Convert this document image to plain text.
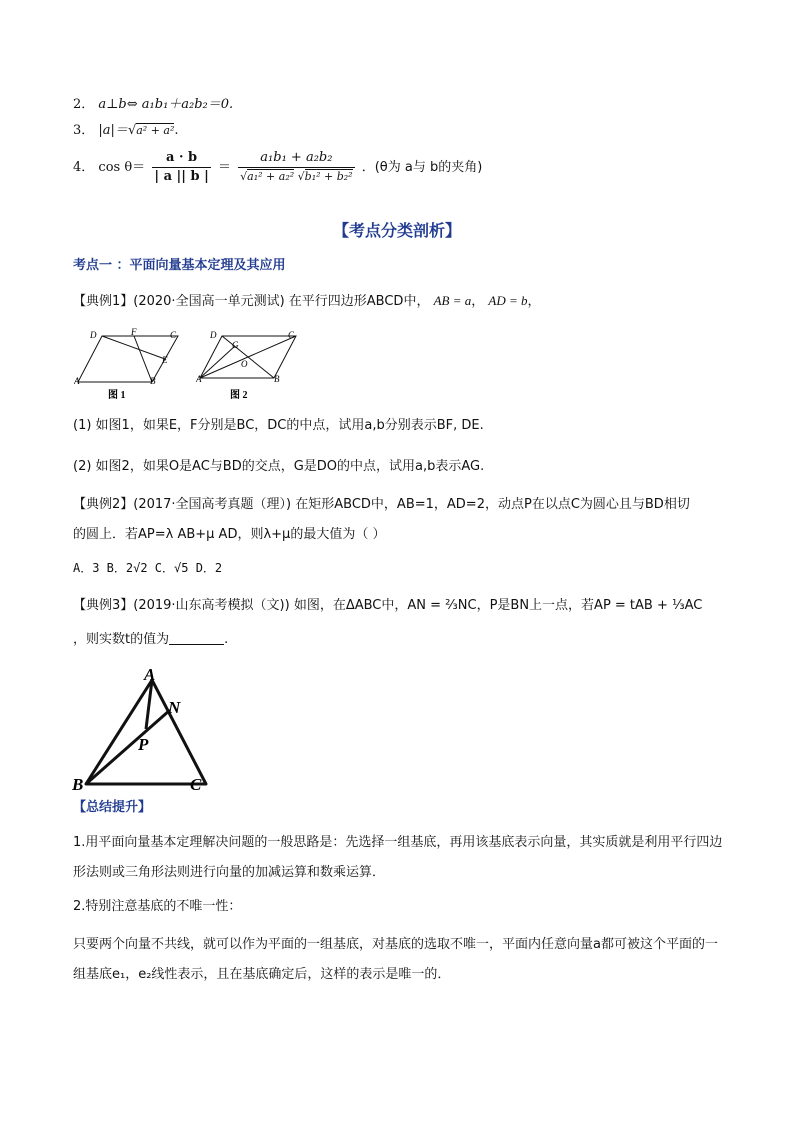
2． a⊥b⇔ a₁b₁＋a₂b₂＝0.
3． |a|＝√a² + a².
4． $\cos \theta= \frac{a \cdot b}{| a || b |} = \frac{\text{a₁b₁ + a₂b₂}}{\text{√a₁² + a₂² √b₁² + b₂²}}$ ．(θ为 a与 b的夹角)
【考点分类剖析】
考点一 ：平面向量基本定理及其应用
【典例1】(2020·全国高一单元测试) 在平行四边形ABCD中， AB = a， AD = b，
D	F	C
E
A	B
图 1
D	C
G
O
A	B
图 2
(1) 如图1，如果E，F分别是BC，DC的中点，试用a,b分别表示BF, DE.
(2) 如图2，如果O是AC与BD的交点，G是DO的中点，试用a,b表示AG.
【典例2】(2017·全国高考真题（理）) 在矩形ABCD中，AB=1，AD=2，动点P在以点C为圆心且与BD相切
的圆上．若AP=λ AB+μ AD，则λ+μ的最大值为（ ）
A．3 B．2√2 C．√5 D．2
【典例3】(2019·山东高考模拟（文)) 如图，在ΔABC中，AN = ⅔NC，P是BN上一点，若AP = tAB + ⅓AC
，则实数t的值为	.
A
N
P
B	C
【总结提升】
1.用平面向量基本定理解决问题的一般思路是：先选择一组基底，再用该基底表示向量，其实质就是利用平行四边形法则或三角形法则进行向量的加减运算和数乘运算．
2.特别注意基底的不唯一性：
只要两个向量不共线，就可以作为平面的一组基底，对基底的选取不唯一，平面内任意向量a都可被这个平面的一组基底e₁，e₂线性表示，且在基底确定后，这样的表示是唯一的．
